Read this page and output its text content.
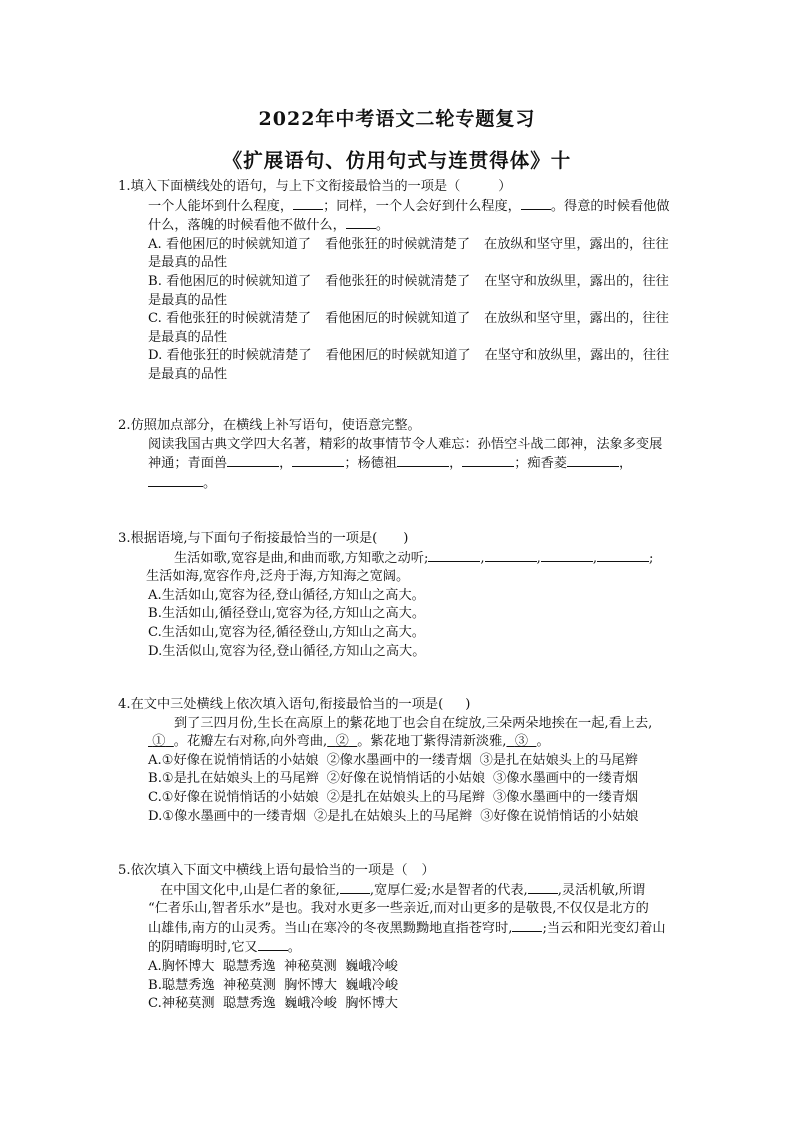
2022年中考语文二轮专题复习
《扩展语句、仿用句式与连贯得体》十
1.填入下面横线处的语句，与上下文衔接最恰当的一项是（	）
一个人能坏到什么程度， ；同样，一个人会好到什么程度， 。得意的时候看他做
什么，落魄的时候看他不做什么， 。
A. 看他困厄的时候就知道了 看他张狂的时候就清楚了 在放纵和坚守里，露出的，往往
是最真的品性
B. 看他困厄的时候就知道了 看他张狂的时候就清楚了 在坚守和放纵里，露出的，往往
是最真的品性
C. 看他张狂的时候就清楚了 看他困厄的时候就知道了 在放纵和坚守里，露出的，往往
是最真的品性
D. 看他张狂的时候就清楚了 看他困厄的时候就知道了 在坚守和放纵里，露出的，往往
是最真的品性
2.仿照加点部分，在横线上补写语句，使语意完整。
阅读我国古典文学四大名著，精彩的故事情节令人难忘：孙悟空斗战二郎神，法象多变展
神通；青面兽	，	；杨德祖	，	；痴香菱	，
。
3.根据语境,与下面句子衔接最恰当的一项是( )
生活如歌,宽容是曲,和曲而歌,方知歌之动听;	,	,	,	;
生活如海,宽容作舟,泛舟于海,方知海之宽阔。
A.生活如山,宽容为径,登山循径,方知山之高大。
B.生活如山,循径登山,宽容为径,方知山之高大。
C.生活如山,宽容为径,循径登山,方知山之高大。
D.生活似山,宽容为径,登山循径,方知山之高大。
4.在文中三处横线上依次填入语句,衔接最恰当的一项是( )
到了三四月份,生长在高原上的紫花地丁也会自在绽放,三朵两朵地挨在一起,看上去,
① 。花瓣左右对称,向外弯曲, ② 。紫花地丁紫得清新淡雅, ③ 。
A.①好像在说悄悄话的小姑娘 ②像水墨画中的一缕青烟 ③是扎在姑娘头上的马尾辫
B.①是扎在姑娘头上的马尾辫 ②好像在说悄悄话的小姑娘 ③像水墨画中的一缕青烟
C.①好像在说悄悄话的小姑娘 ②是扎在姑娘头上的马尾辫 ③像水墨画中的一缕青烟
D.①像水墨画中的一缕青烟 ②是扎在姑娘头上的马尾辫 ③好像在说悄悄话的小姑娘
5.依次填入下面文中横线上语句最恰当的一项是（ ）
在中国文化中,山是仁者的象征, ,宽厚仁爱;水是智者的代表, ,灵活机敏,所谓
“仁者乐山,智者乐水”是也。我对水更多一些亲近,而对山更多的是敬畏,不仅仅是北方的
山雄伟,南方的山灵秀。当山在寒冷的冬夜黑黝黝地直指苍穹时, ;当云和阳光变幻着山
的阴晴晦明时,它又 。
A.胸怀博大  聪慧秀逸  神秘莫测  巍峨冷峻
B.聪慧秀逸  神秘莫测  胸怀博大  巍峨冷峻
C.神秘莫测  聪慧秀逸  巍峨冷峻  胸怀博大
